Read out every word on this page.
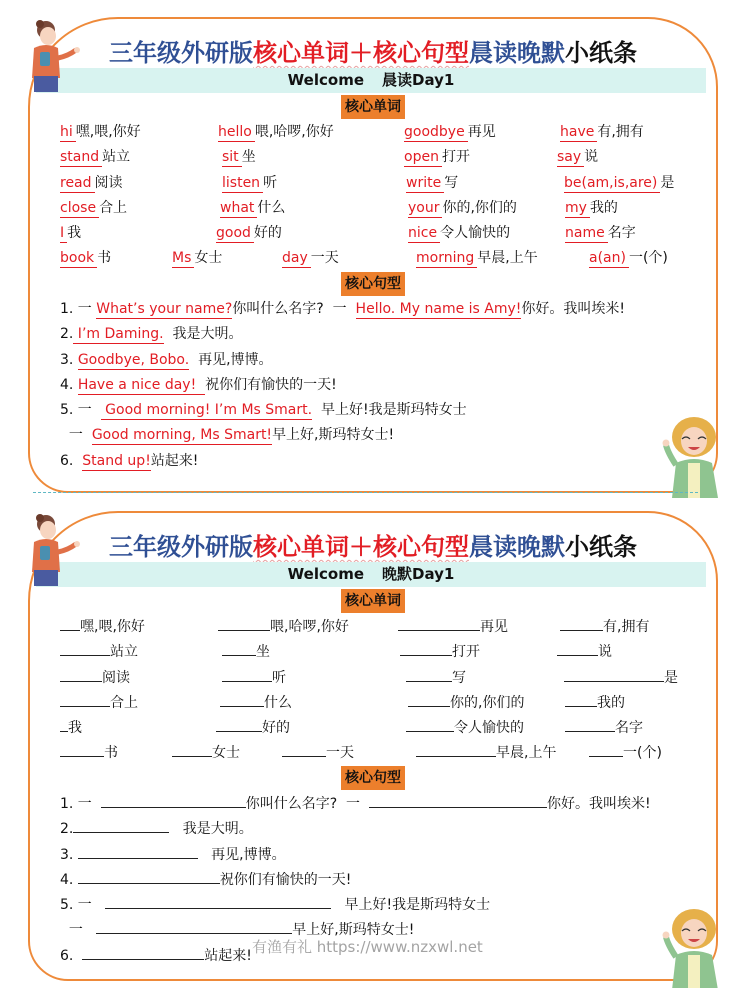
三年级外研版核心单词＋核心句型晨读晚默小纸条
Welcome 晨读Day1
核心单词
hi 嘿,喂,你好	hello 喂,哈啰,你好	goodbye 再见	have 有,拥有
stand 站立	sit 坐	open 打开	say 说
read 阅读	listen 听	write 写	be(am,is,are) 是
close 合上	what 什么	your 你的,你们的	my 我的
I 我	good 好的	nice 令人愉快的	name 名字
book 书	Ms 女士	day 一天	morning 早晨,上午	a(an) 一(个)
核心句型
1. 一 What’s your name?你叫什么名字?  一  Hello. My name is Amy!你好。我叫埃米!
2. I’m Daming.  我是大明。
3. Goodbye, Bobo.  再见,博博。
4. Have a nice day!  祝你们有愉快的一天!
5. 一   Good morning! I’m Ms Smart.  早上好!我是斯玛特女士
一  Good morning, Ms Smart!早上好,斯玛特女士!
6.  Stand up!站起来!
三年级外研版核心单词＋核心句型晨读晚默小纸条
Welcome 晚默Day1
核心单词
嘿,喂,你好	喂,哈啰,你好	再见	有,拥有
站立	坐	打开	说
阅读	听	写	是
合上	什么	你的,你们的	我的
我	好的	令人愉快的	名字
书	女士	一天	早晨,上午	一(个)
核心句型
1. 一	你叫什么名字?  一	你好。我叫埃米!
2.	我是大明。
3.	再见,博博。
4.	祝你们有愉快的一天!
5. 一	早上好!我是斯玛特女士
一	早上好,斯玛特女士!
6.	站起来! 有渔有礼 https://www.nzxwl.net
